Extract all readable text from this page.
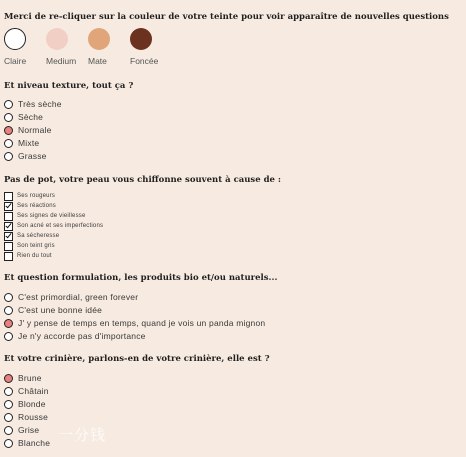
Merci de re-cliquer sur la couleur de votre teinte pour voir apparaître de nouvelles questions
Claire	Medium	Mate	Foncée
Et niveau texture, tout ça ?
Très sèche
Sèche
Normale
Mixte
Grasse
Pas de pot, votre peau vous chiffonne souvent à cause de :
Ses rougeurs
Ses réactions
Ses signes de vieillesse
Son acné et ses imperfections
Sa sécheresse
Son teint gris
Rien du tout
Et question formulation, les produits bio et/ou naturels...
C'est primordial, green forever
C'est une bonne idée
J' y pense de temps en temps, quand je vois un panda mignon
Je n'y accorde pas d'importance
Et votre crinière, parlons-en de votre crinière, elle est ?
Brune
Châtain
Blonde
Rousse
Grise
Blanche 一分钱
